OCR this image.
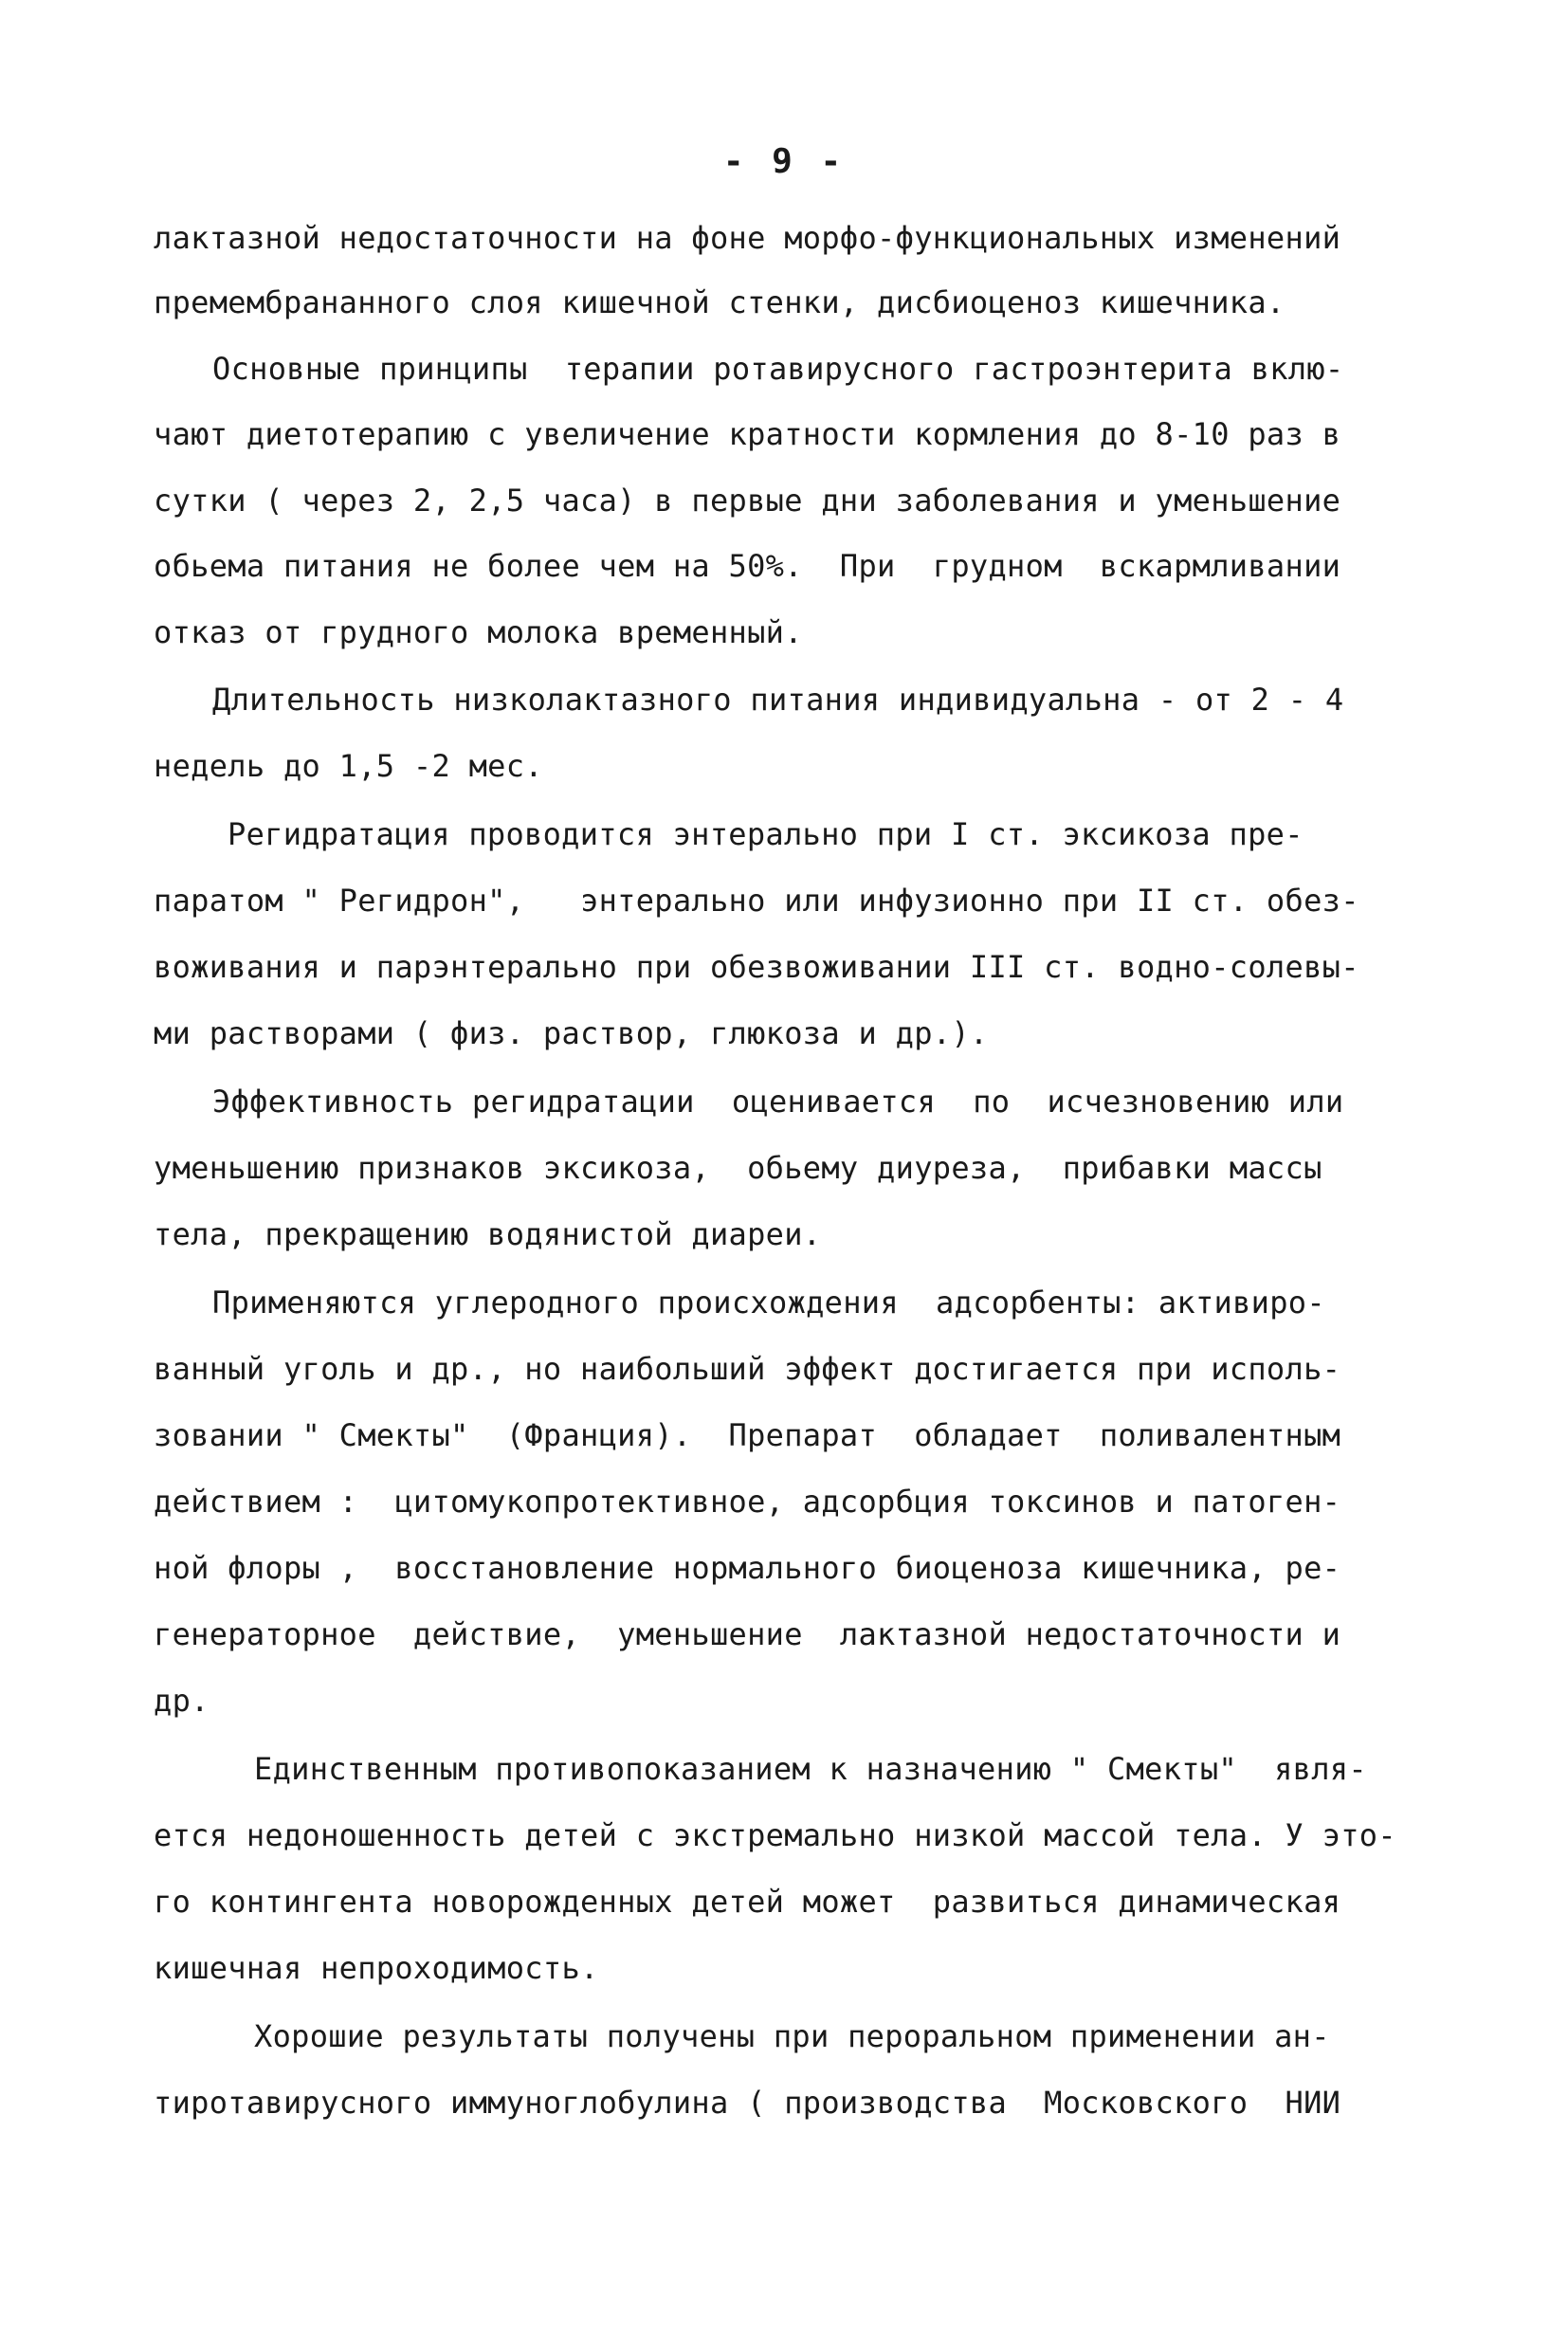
- 9 -
лактазной недостаточности на фоне морфо-функциональных изменений
премембрананного слоя кишечной стенки, дисбиоценоз кишечника.
Основные принципы  терапии ротавирусного гастроэнтерита вклю-
чают диетотерапию с увеличение кратности кормления до 8-10 раз в
сутки ( через 2, 2,5 часа) в первые дни заболевания и уменьшение
обьема питания не более чем на 50%.  При  грудном  вскармливании
отказ от грудного молока временный.
Длительность низколактазного питания индивидуальна - от 2 - 4
недель до 1,5 -2 мес.
Регидратация проводится энтерально при I ст. эксикоза пре-
паратом " Регидрон",   энтерально или инфузионно при II ст. обез-
воживания и парэнтерально при обезвоживании III ст. водно-солевы-
ми растворами ( физ. раствор, глюкоза и др.).
Эффективность регидратации  оценивается  по  исчезновению или
уменьшению признаков эксикоза,  обьему диуреза,  прибавки массы
тела, прекращению водянистой диареи.
Применяются углеродного происхождения  адсорбенты: активиро-
ванный уголь и др., но наибольший эффект достигается при исполь-
зовании " Смекты"  (Франция).  Препарат  обладает  поливалентным
действием :  цитомукопротективное, адсорбция токсинов и патоген-
ной флоры ,  восстановление нормального биоценоза кишечника, ре-
генераторное  действие,  уменьшение  лактазной недостаточности и
др.
Единственным противопоказанием к назначению " Смекты"  явля-
ется недоношенность детей с экстремально низкой массой тела. У это-
го контингента новорожденных детей может  развиться динамическая
кишечная непроходимость.
Хорошие результаты получены при пероральном применении ан-
тиротавирусного иммуноглобулина ( производства  Московского  НИИ
